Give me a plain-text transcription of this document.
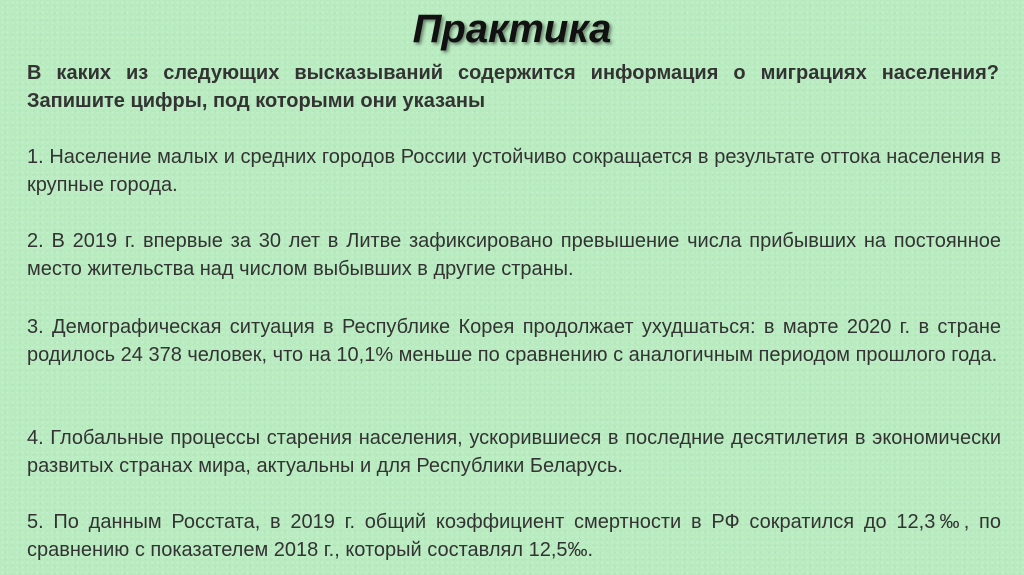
Практика
В каких из следующих высказываний содержится информация о миграциях населения? Запишите цифры, под которыми они указаны
1. Население малых и средних городов России устойчиво сокращается в результате оттока населения в крупные города.
2. В 2019 г. впервые за 30 лет в Литве зафиксировано превышение числа прибывших на постоянное место жительства над числом выбывших в другие страны.
3. Демографическая ситуация в Республике Корея продолжает ухудшаться: в марте 2020 г. в стране родилось 24 378 человек, что на 10,1% меньше по сравнению с аналогичным периодом прошлого года.
4. Глобальные процессы старения населения, ускорившиеся в последние десятилетия в экономически развитых странах мира, актуальны и для Республики Беларусь.
5. По данным Росстата, в 2019 г. общий коэффициент смертности в РФ сократился до 12,3‰, по сравнению с показателем 2018 г., который составлял 12,5‰.
